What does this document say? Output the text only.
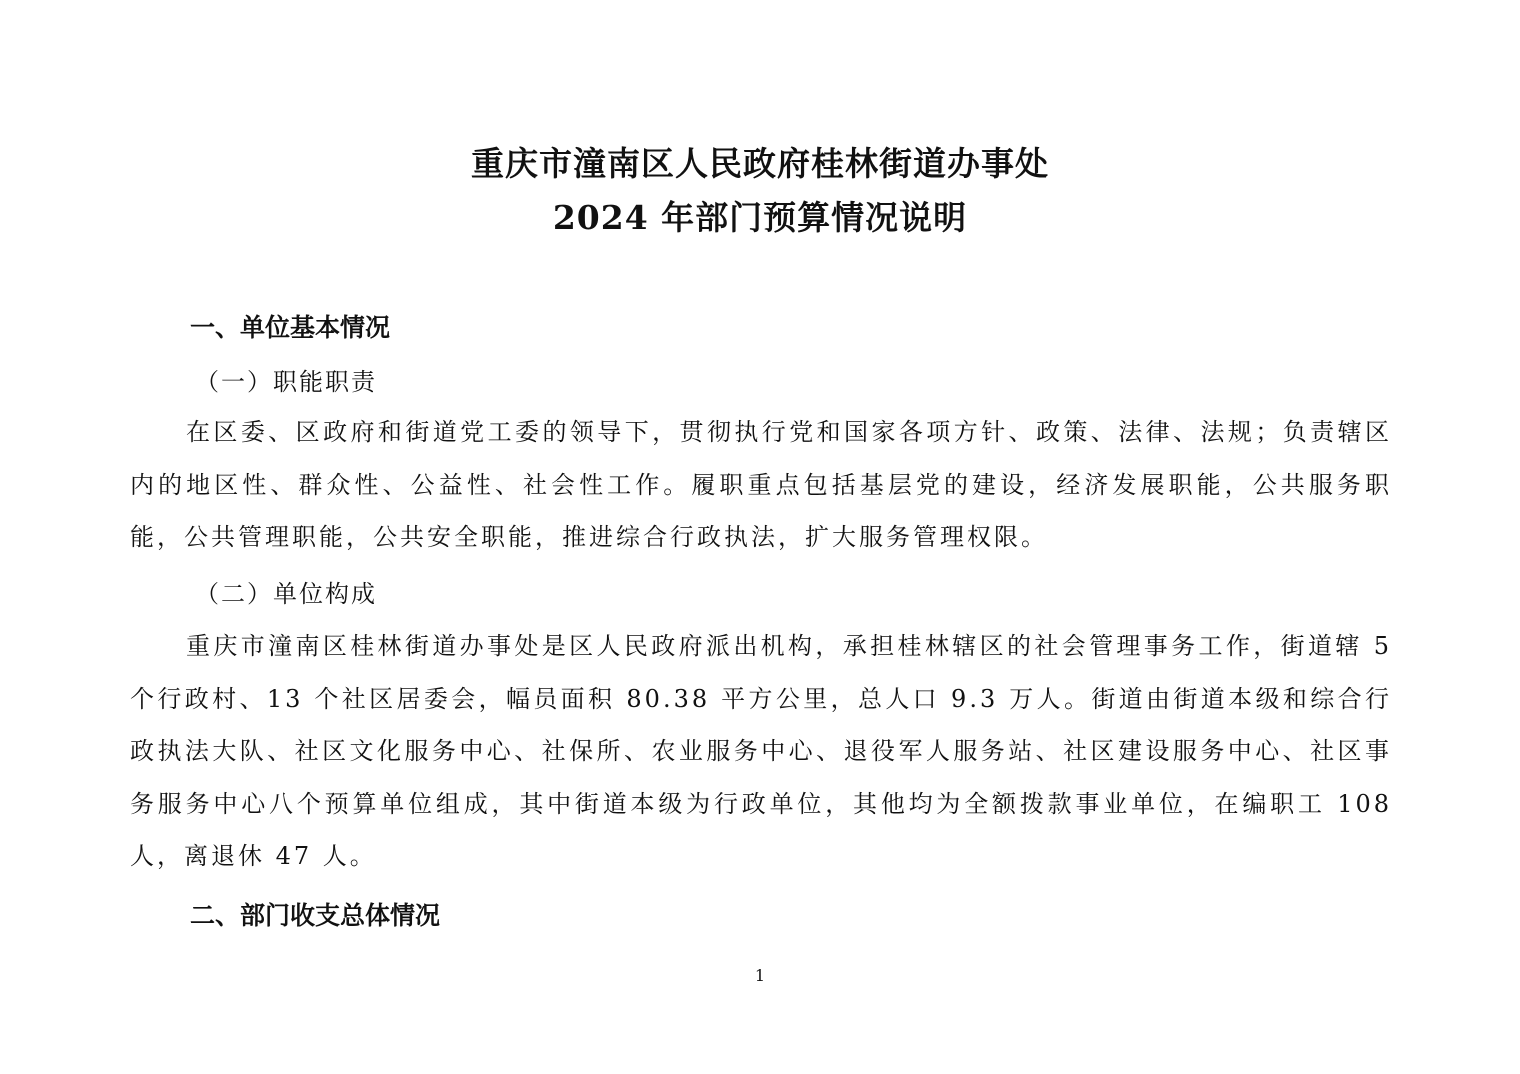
重庆市潼南区人民政府桂林街道办事处
2024 年部门预算情况说明
一、单位基本情况
（一）职能职责
在区委、区政府和街道党工委的领导下，贯彻执行党和国家各项方针、政策、法律、法规；负责辖区内的地区性、群众性、公益性、社会性工作。履职重点包括基层党的建设，经济发展职能，公共服务职能，公共管理职能，公共安全职能，推进综合行政执法，扩大服务管理权限。
（二）单位构成
重庆市潼南区桂林街道办事处是区人民政府派出机构，承担桂林辖区的社会管理事务工作，街道辖 5 个行政村、13 个社区居委会，幅员面积 80.38 平方公里，总人口 9.3 万人。街道由街道本级和综合行政执法大队、社区文化服务中心、社保所、农业服务中心、退役军人服务站、社区建设服务中心、社区事务服务中心八个预算单位组成，其中街道本级为行政单位，其他均为全额拨款事业单位，在编职工 108 人，离退休 47 人。
二、部门收支总体情况
1
